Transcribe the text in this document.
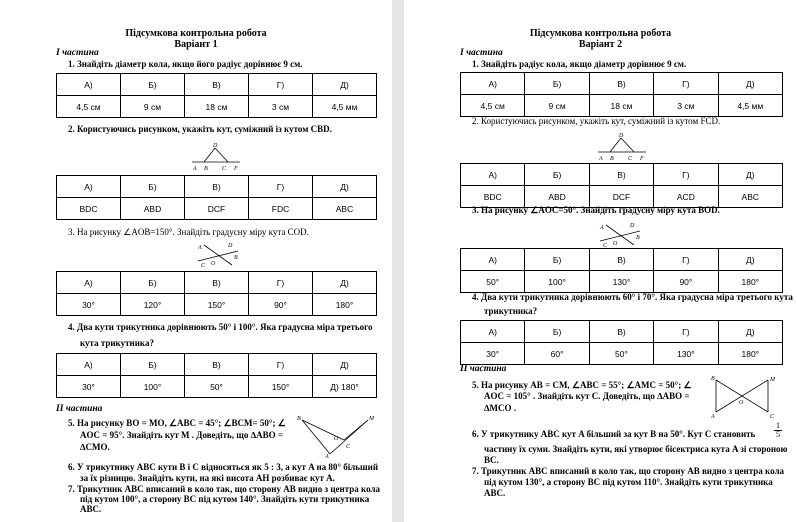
Підсумкова контрольна робота
Варіант 1
І частина
1. Знайдіть діаметр кола, якщо його радіус дорівнює 9 см.
А)	Б)	В)	Г)	Д)
4,5 см	9 см	18 см	3 см	4,5 мм
2. Користуючись рисунком, укажіть кут, суміжний із кутом CBD.
D
A B C F
А)	Б)	В)	Г)	Д)
BDC	ABD	DCF	FDC	ABC
3. На рисунку ∠AOB=150°. Знайдіть градусну міру кута COD.
A	D
C O
B
А)	Б)	В)	Г)	Д)
30°	120°	150°	90°	180°
4. Два кути трикутника дорівнюють 50° і 100°. Яка градусна міра третього
кута трикутника?
А)	Б)	В)	Г)	Д)
30°	100°	50°	150°	Д) 180°
ІІ частина
5. На рисунку BO = MO, ∠ABC = 45°; ∠BCM= 50°; ∠
AOC = 95°. Знайдіть кут M . Доведіть, що ∆ABO =
∆CMO.
B	M
O
A
C
6. У трикутнику ABC кути B і C відносяться як 5 : 3, а кут A на 80° більший
за їх різницю. Знайдіть кути, на які висота AH розбиває кут A.
7. Трикутник ABC вписаний в коло так, що сторону AB видно з центра кола
під кутом 100°, а сторону BC під кутом 140°. Знайдіть кути трикутника
ABC.
Підсумкова контрольна робота
Варіант 2
І частина
1. Знайдіть радіус кола, якщо діаметр дорівнює 9 см.
А)	Б)	В)	Г)	Д)
4,5 см	9 см	18 см	3 см	4,5 мм
2. Користуючись рисунком, укажіть кут, суміжний із кутом FCD.
D
A B C F
А)	Б)	В)	Г)	Д)
BDC	ABD	DCF	ACD	ABC
3. На рисунку ∠AOC=50°. Знайдіть градусну міру кута BOD.
A	D
C O
B
А)	Б)	В)	Г)	Д)
50°	100°	130°	90°	180°
4. Два кути трикутника дорівнюють 60° і 70°. Яка градусна міра третього кута
трикутника?
А)	Б)	В)	Г)	Д)
30°	60°	50°	130°	180°
ІІ частина
5. На рисунку AB = CM, ∠ABC = 55°; ∠AMC = 50°; ∠
AOC = 105° . Знайдіть кут C. Доведіть, що ∆ABO =
∆MCO .
B	M
O
A	C
6. У трикутнику ABC кут A більший за кут B на 50°. Кут C становить $\frac{1}{5}$
частину їх суми. Знайдіть кути, які утворює бісектриса кута A зі стороною
BC.
7. Трикутник ABC вписаний в коло так, що сторону AB видно з центра кола
під кутом 130°, а сторону BC під кутом 110°. Знайдіть кути трикутника
ABC.
